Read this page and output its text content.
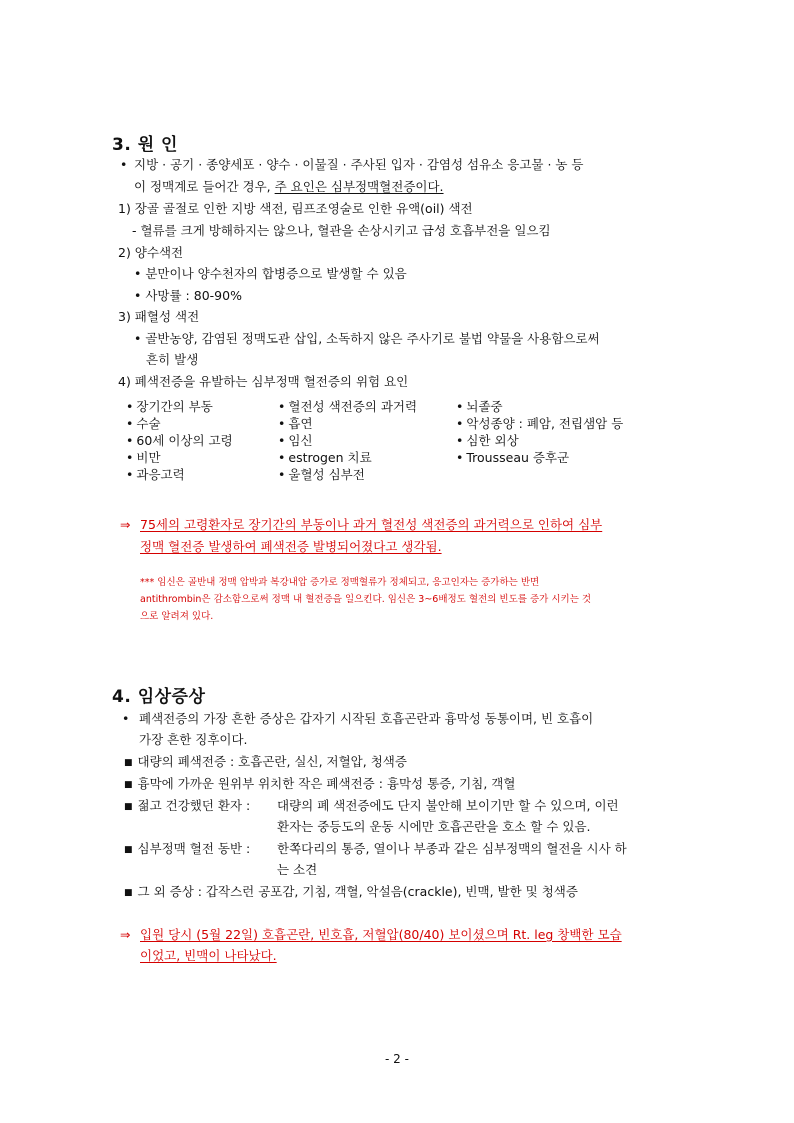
3. 원 인
• 지방 · 공기 · 종양세포 · 양수 · 이물질 · 주사된 입자 · 감염성 섬유소 응고물 · 농 등
이 정맥계로 들어간 경우, 주 요인은 심부정맥혈전증이다.
1) 장골 골절로 인한 지방 색전, 림프조영술로 인한 유액(oil) 색전
- 혈류를 크게 방해하지는 않으나, 혈관을 손상시키고 급성 호흡부전을 일으킴
2) 양수색전
• 분만이나 양수천자의 합병증으로 발생할 수 있음
• 사망률 : 80-90%
3) 패혈성 색전
• 골반농양, 감염된 정맥도관 삽입, 소독하지 않은 주사기로 불법 약물을 사용함으로써
흔히 발생
4) 폐색전증을 유발하는 심부정맥 혈전증의 위험 요인
• 장기간의 부동
• 수술
• 60세 이상의 고령
• 비만
• 과응고력
• 혈전성 색전증의 과거력
• 흡연
• 임신
• estrogen 치료
• 울혈성 심부전
• 뇌졸중
• 악성종양 : 폐암, 전립샘암 등
• 심한 외상
• Trousseau 증후군
⇒ 75세의 고령환자로 장기간의 부동이나 과거 혈전성 색전증의 과거력으로 인하여 심부
정맥 혈전증 발생하여 폐색전증 발병되어졌다고 생각됨.
*** 임신은 골반내 정맥 압박과 복강내압 증가로 정맥혈류가 정체되고, 응고인자는 증가하는 반면
antithrombin은 감소함으로써 정맥 내 혈전증을 일으킨다. 임신은 3~6배정도 혈전의 빈도를 증가 시키는 것
으로 알려져 있다.
4. 임상증상
• 폐색전증의 가장 흔한 증상은 갑자기 시작된 호흡곤란과 흉막성 동통이며, 빈 호흡이
가장 흔한 징후이다.
■ 대량의 폐색전증 : 호흡곤란, 실신, 저혈압, 청색증
■ 흉막에 가까운 원위부 위치한 작은 폐색전증 : 흉막성 통증, 기침, 객혈
■ 젊고 건강했던 환자 : 대량의 폐 색전증에도 단지 불안해 보이기만 할 수 있으며, 이런
환자는 중등도의 운동 시에만 호흡곤란을 호소 할 수 있음.
■ 심부정맥 혈전 동반 : 한쪽다리의 통증, 열이나 부종과 같은 심부정맥의 혈전을 시사 하
는 소견
■ 그 외 증상 : 갑작스런 공포감, 기침, 객혈, 악설음(crackle), 빈맥, 발한 및 청색증
⇒ 입원 당시 (5월 22일) 호흡곤란, 빈호흡, 저혈압(80/40) 보이셨으며 Rt. leg 창백한 모습
이었고, 빈맥이 나타났다.
- 2 -
